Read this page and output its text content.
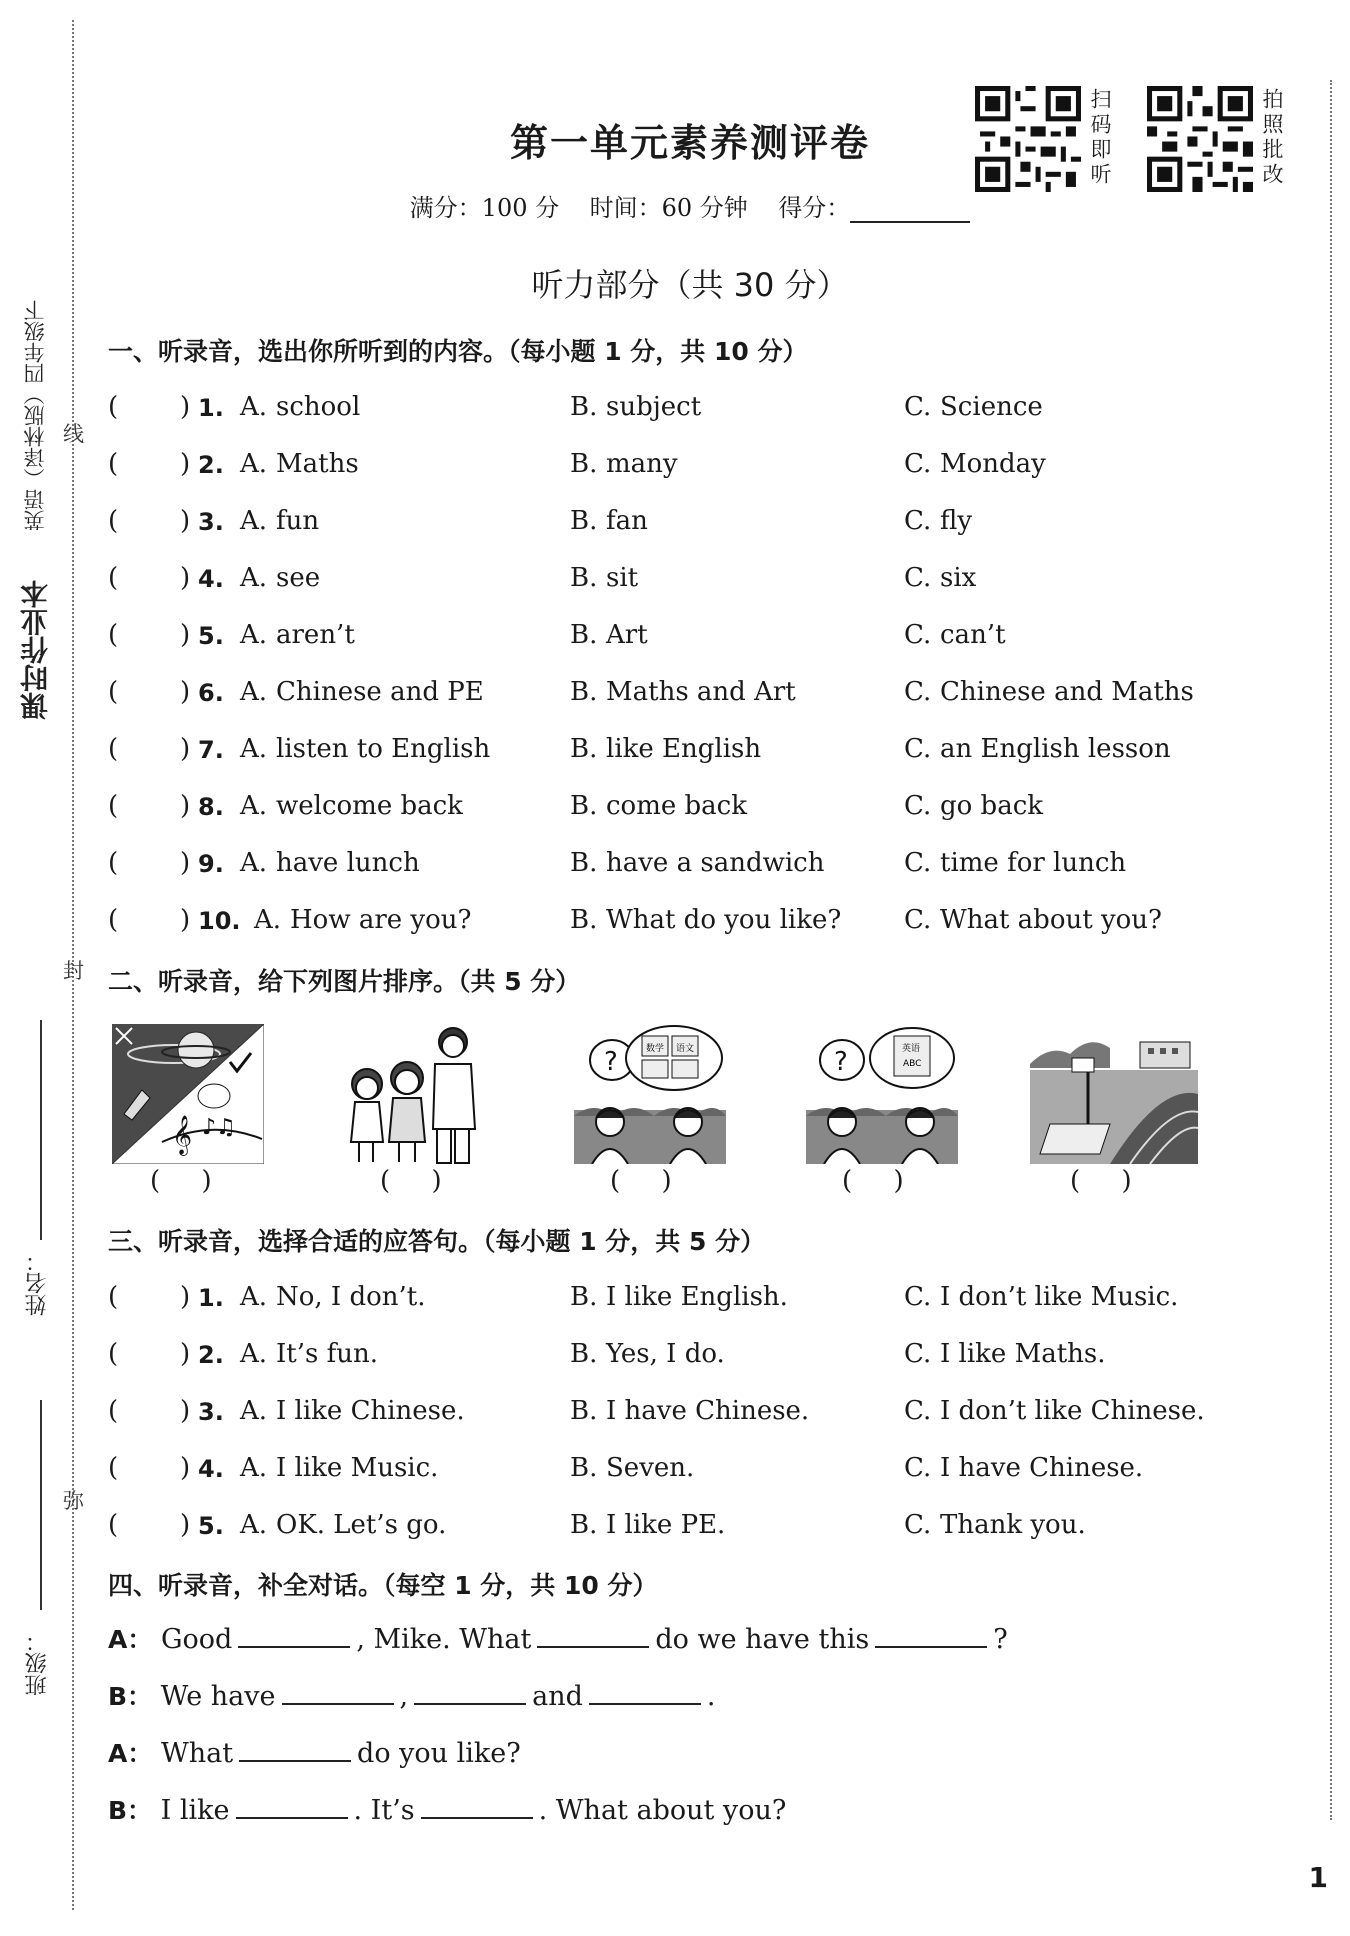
课时作业本
英语（译林版）四年级下 线
封
弥
姓名：
班级：
第一单元素养测评卷
满分：100 分 时间：60 分钟 得分：
扫码即听	拍照批改
听力部分（共 30 分）
一、听录音，选出你所听到的内容。（每小题 1 分，共 10 分）
( ) 1. A. school	B. subject	C. Science
( ) 2. A. Maths	B. many	C. Monday
( ) 3. A. fun	B. fan	C. fly
( ) 4. A. see	B. sit	C. six
( ) 5. A. aren’t	B. Art	C. can’t
( ) 6. A. Chinese and PE	B. Maths and Art	C. Chinese and Maths
( ) 7. A. listen to English	B. like English	C. an English lesson
( ) 8. A. welcome back	B. come back	C. go back
( ) 9. A. have lunch	B. have a sandwich	C. time for lunch
( ) 10. A. How are you?	B. What do you like? C. What about you?
二、听录音，给下列图片排序。（共 5 分）
𝄞 ♪♫
(     )	(     )
?	数学 语文
(     )
?	英语
ABC
(     )	(     )
三、听录音，选择合适的应答句。（每小题 1 分，共 5 分）
( ) 1. A. No, I don’t.	B. I like English.	C. I don’t like Music.
( ) 2. A. It’s fun.	B. Yes, I do.	C. I like Maths.
( ) 3. A. I like Chinese.	B. I have Chinese.	C. I don’t like Chinese.
( ) 4. A. I like Music.	B. Seven.	C. I have Chinese.
( ) 5. A. OK. Let’s go.	B. I like PE.	C. Thank you.
四、听录音，补全对话。（每空 1 分，共 10 分）
A： Good	, Mike. What	do we have this	?
B： We have	,	and	.
A： What	do you like?
B： I like	. It’s	. What about you?
1
